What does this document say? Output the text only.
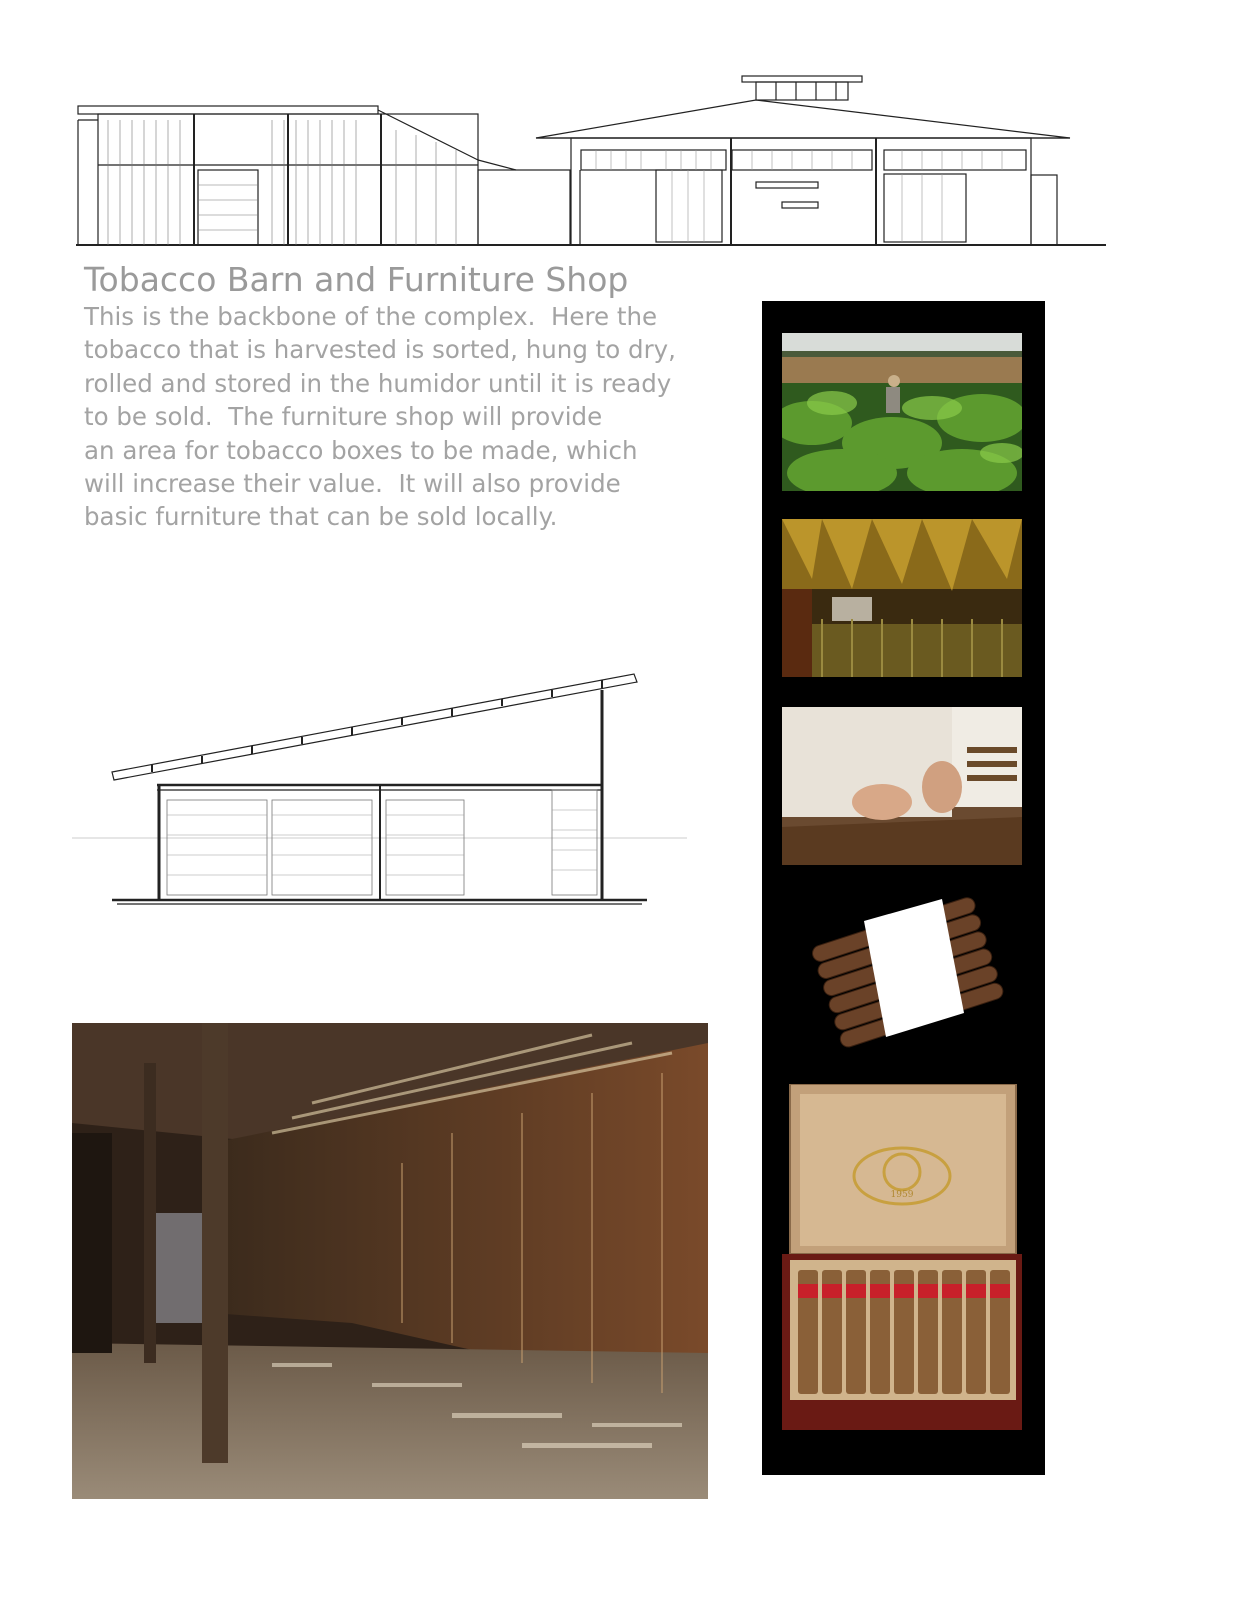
Tobacco Barn and Furniture Shop
This is the backbone of the complex.  Here the
tobacco that is harvested is sorted, hung to dry,
rolled and stored in the humidor until it is ready
to be sold.  The furniture shop will provide
an area for tobacco boxes to be made, which
will increase their value.  It will also provide
basic furniture that can be sold locally.
1959
